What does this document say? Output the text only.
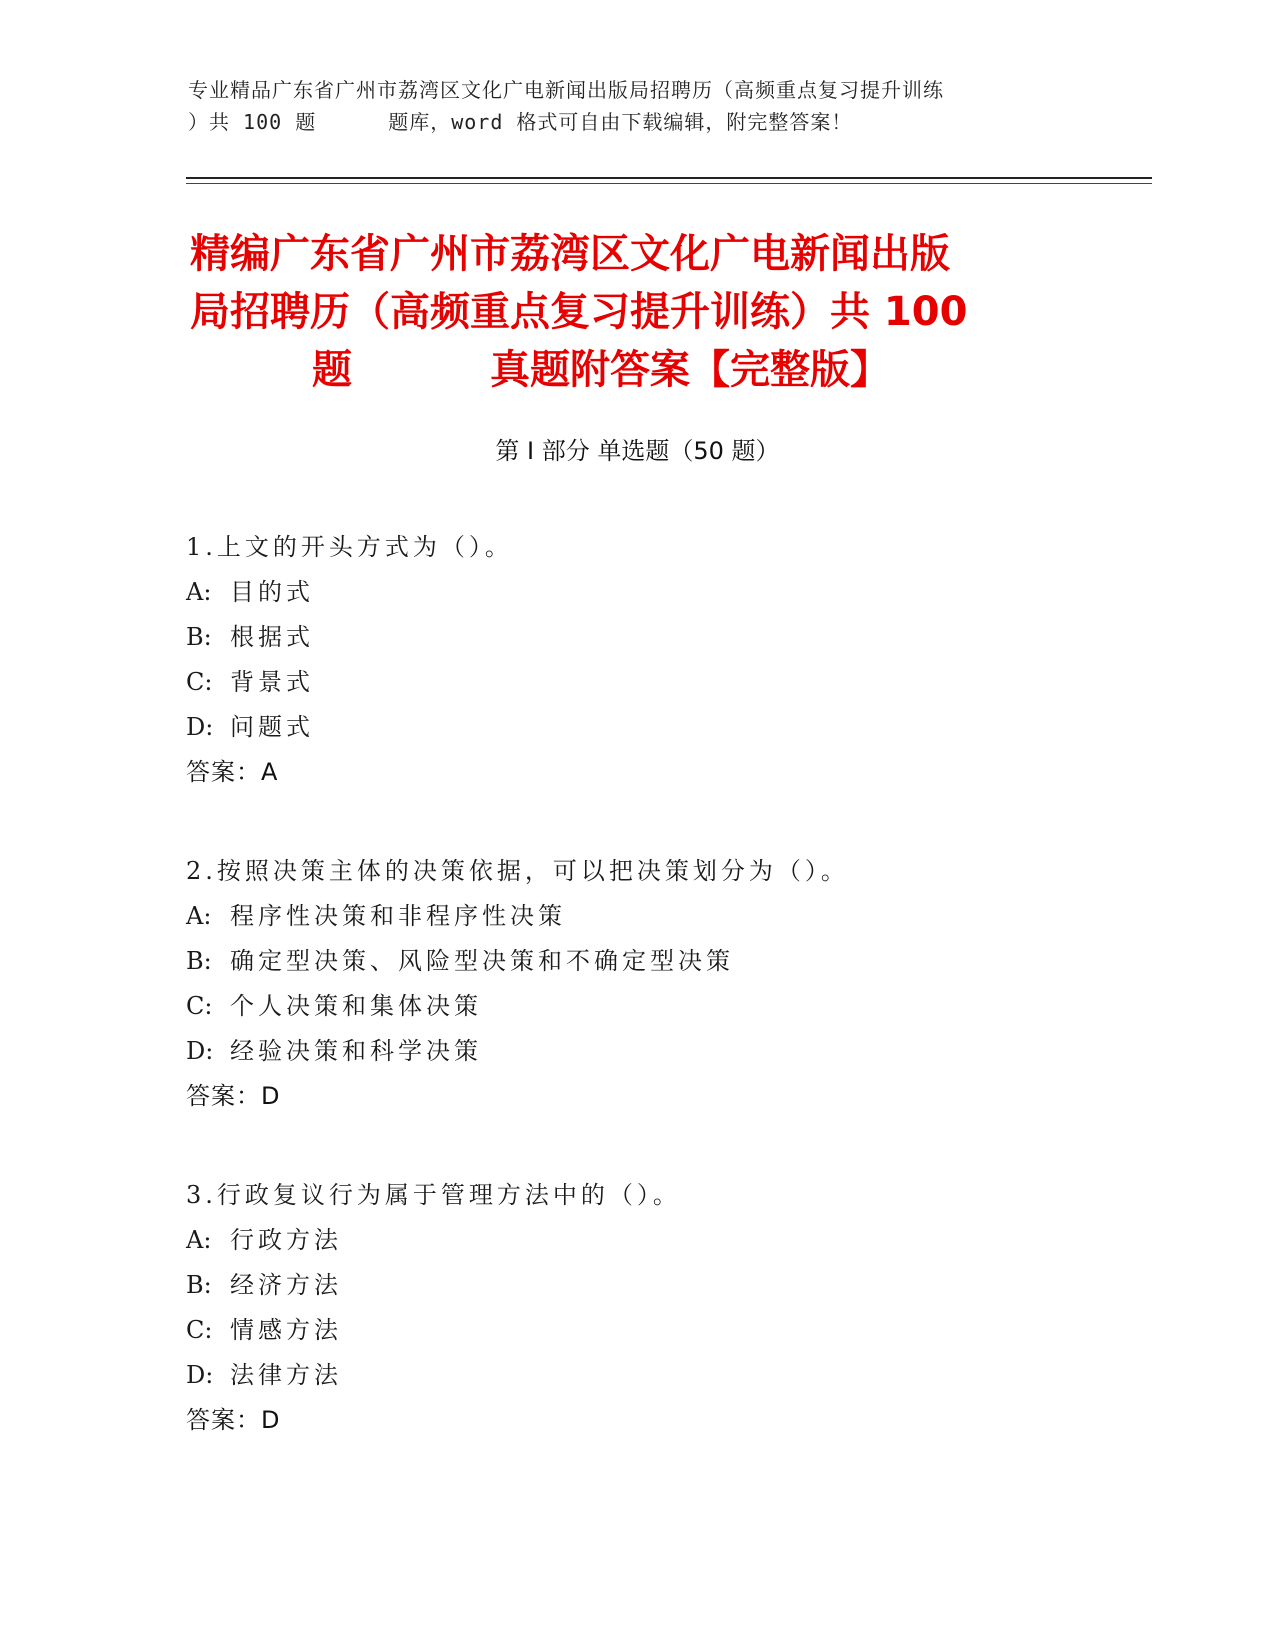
专业精品广东省广州市荔湾区文化广电新闻出版局招聘历（高频重点复习提升训练
）共 100 题	题库，word 格式可自由下载编辑，附完整答案！
精编广东省广州市荔湾区文化广电新闻出版
局招聘历（高频重点复习提升训练）共 100
题	真题附答案【完整版】
第 I 部分 单选题（50 题）
1.上文的开头方式为（）。
A: 目的式
B: 根据式
C: 背景式
D: 问题式
答案：A
2.按照决策主体的决策依据，可以把决策划分为（）。
A: 程序性决策和非程序性决策
B: 确定型决策、风险型决策和不确定型决策
C: 个人决策和集体决策
D: 经验决策和科学决策
答案：D
3.行政复议行为属于管理方法中的（）。
A: 行政方法
B: 经济方法
C: 情感方法
D: 法律方法
答案：D
